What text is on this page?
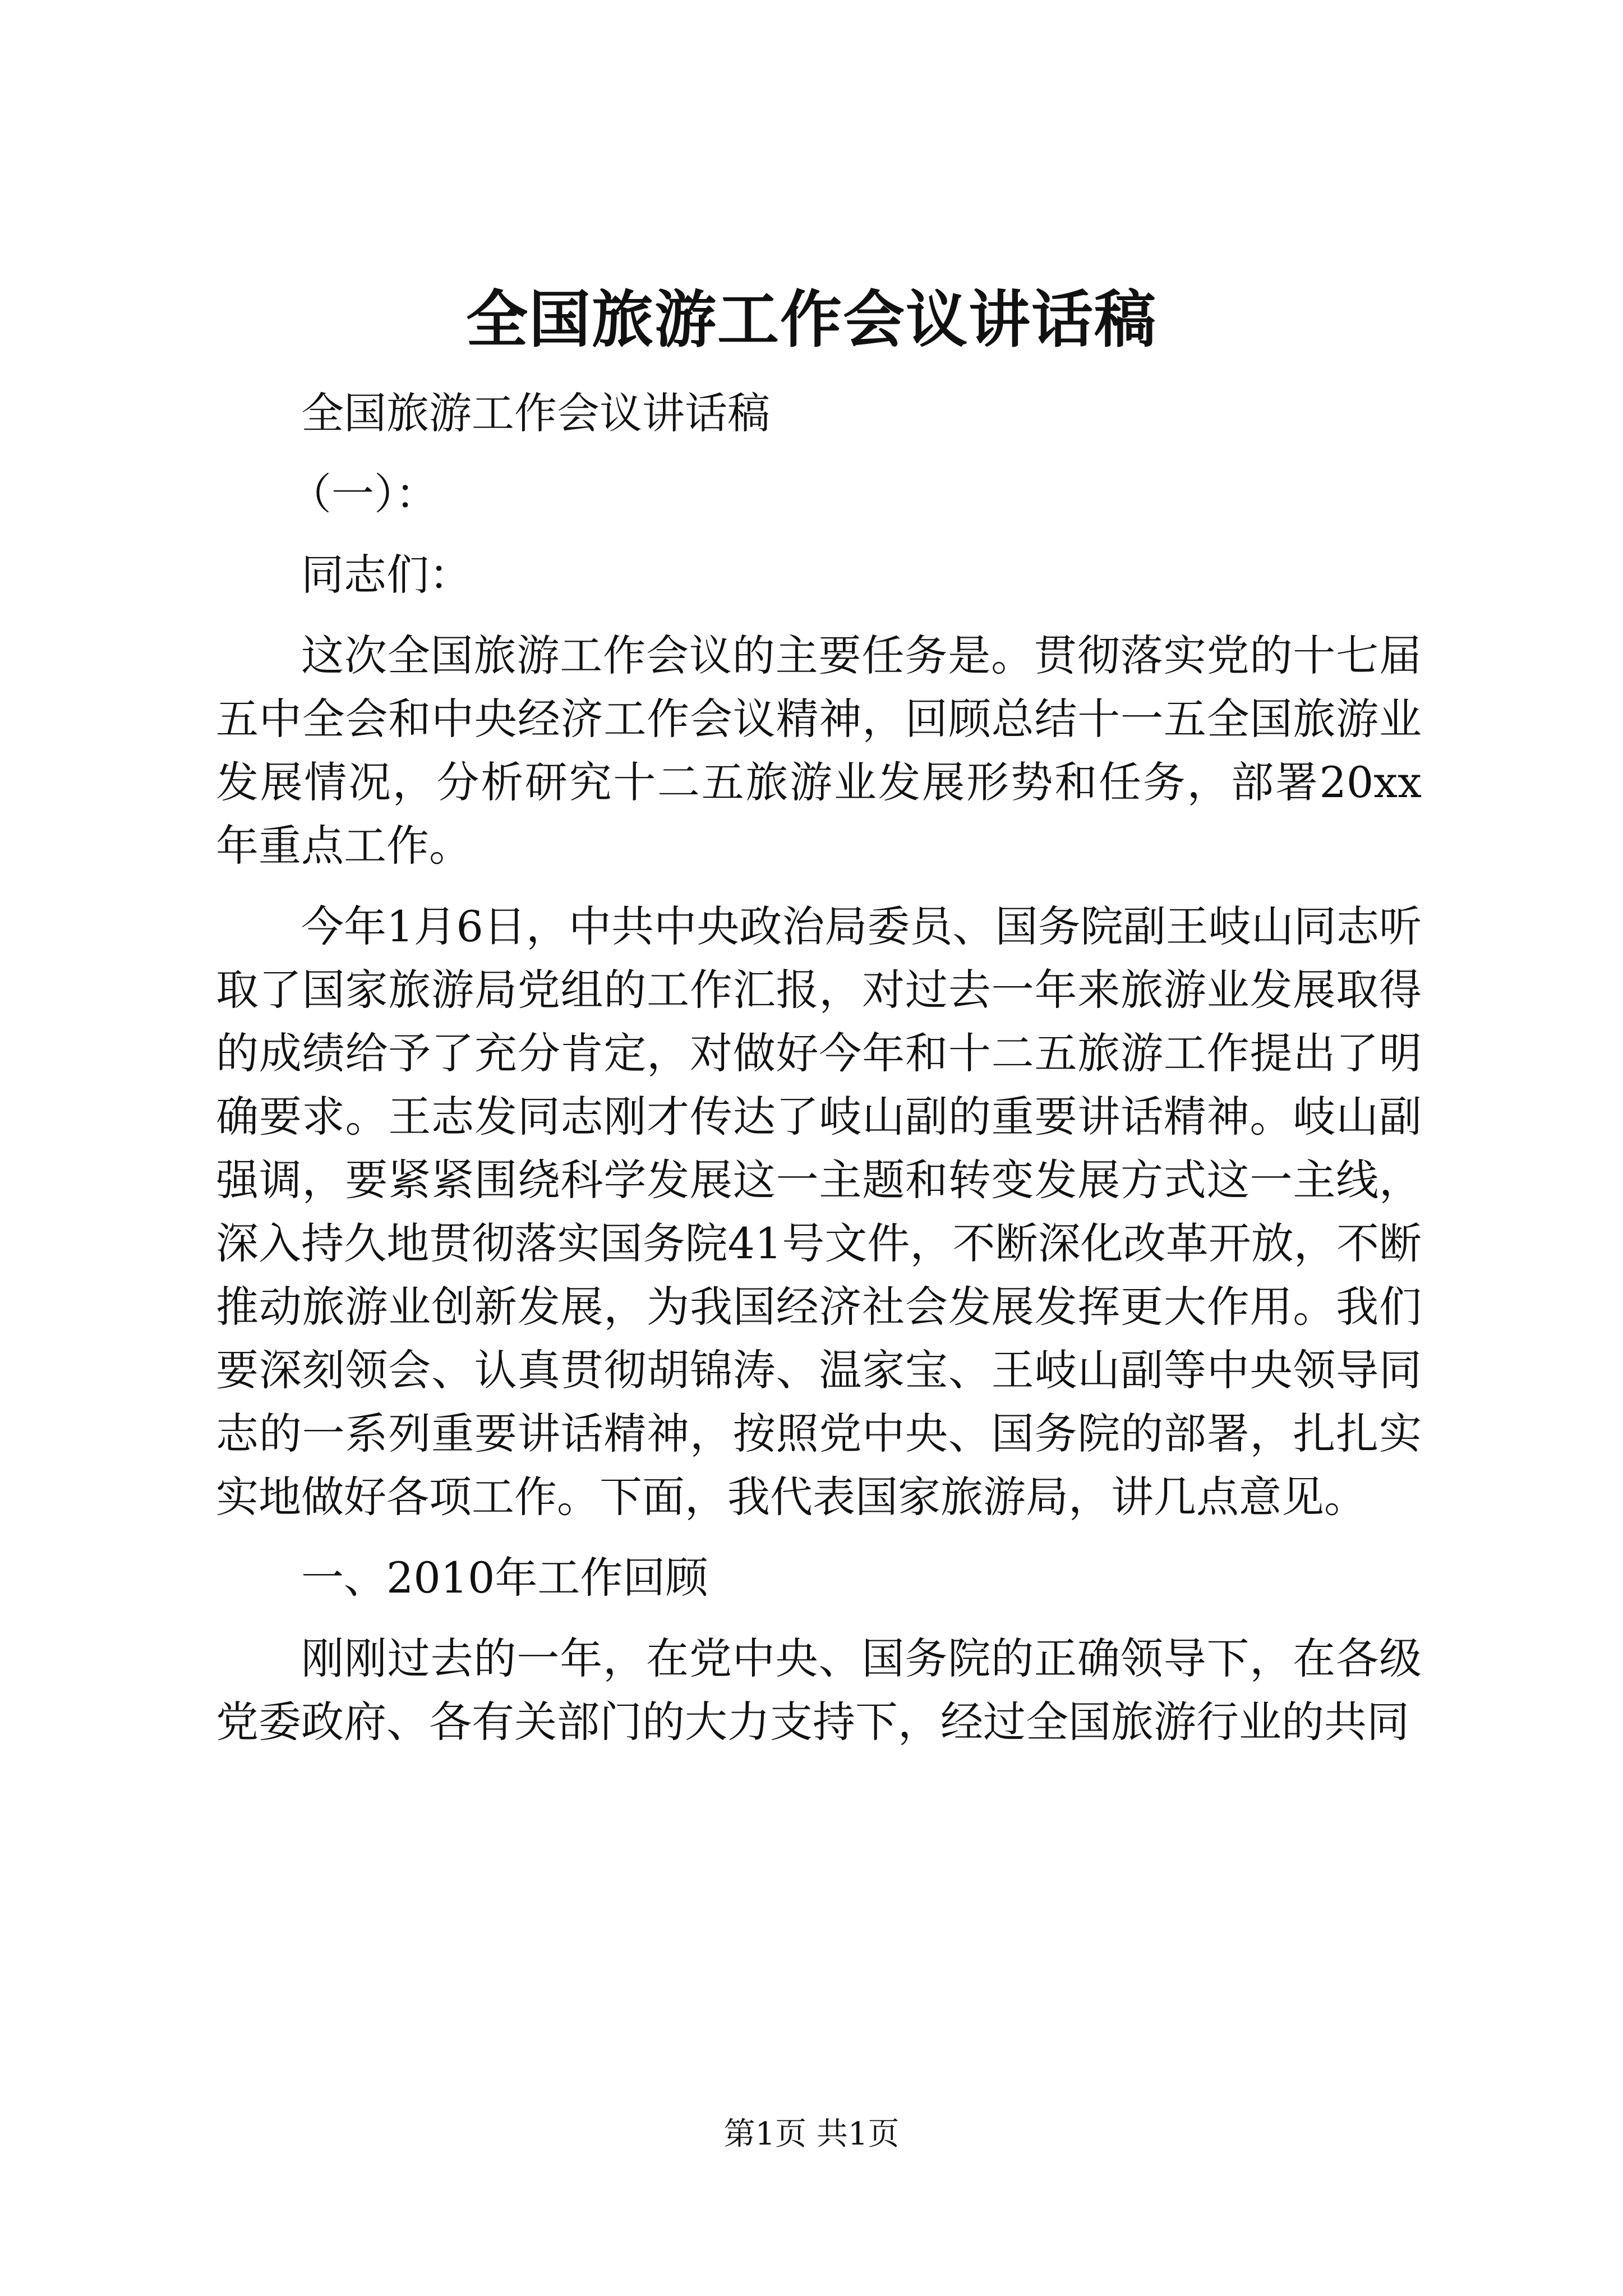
全国旅游工作会议讲话稿

全国旅游工作会议讲话稿

（一）：

同志们：

这次全国旅游工作会议的主要任务是。贯彻落实党的十七届五中全会和中央经济工作会议精神，回顾总结十一五全国旅游业发展情况，分析研究十二五旅游业发展形势和任务，部署20xx年重点工作。

今年1月6日，中共中央政治局委员、国务院副王岐山同志听取了国家旅游局党组的工作汇报，对过去一年来旅游业发展取得的成绩给予了充分肯定，对做好今年和十二五旅游工作提出了明确要求。王志发同志刚才传达了岐山副的重要讲话精神。岐山副强调，要紧紧围绕科学发展这一主题和转变发展方式这一主线，深入持久地贯彻落实国务院41号文件，不断深化改革开放，不断推动旅游业创新发展，为我国经济社会发展发挥更大作用。我们要深刻领会、认真贯彻胡锦涛、温家宝、王岐山副等中央领导同志的一系列重要讲话精神，按照党中央、国务院的部署，扎扎实实地做好各项工作。下面，我代表国家旅游局，讲几点意见。

一、2010年工作回顾

刚刚过去的一年，在党中央、国务院的正确领导下，在各级党委政府、各有关部门的大力支持下，经过全国旅游行业的共同

第1页 共1页
